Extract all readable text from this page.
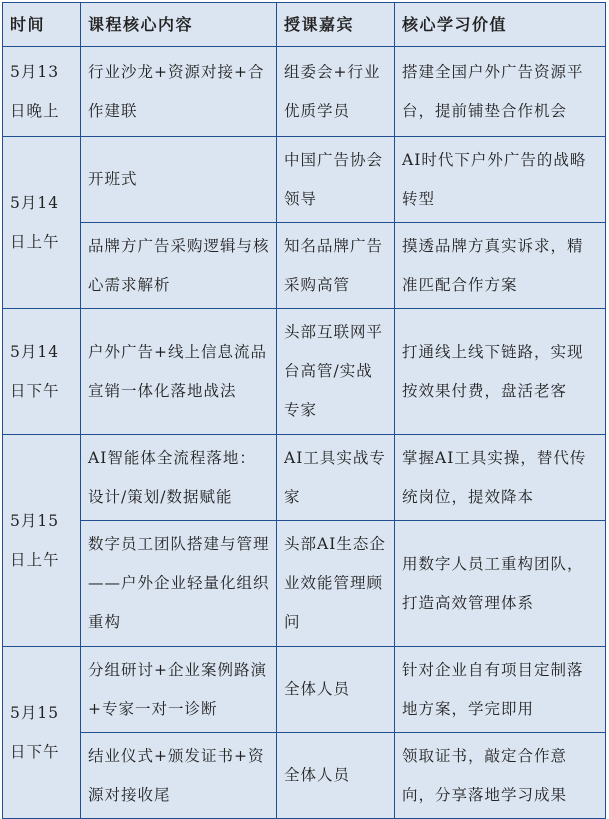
时间	课程核心内容	授课嘉宾	核心学习价值

5月13日晚上	行业沙龙+资源对接+合作建联	组委会+行业优质学员	搭建全国户外广告资源平台，提前铺垫合作机会

5月14日上午	开班式	中国广告协会领导	AI时代下户外广告的战略转型

	品牌方广告采购逻辑与核心需求解析	知名品牌广告采购高管	摸透品牌方真实诉求，精准匹配合作方案

5月14日下午	户外广告+线上信息流品宣销一体化落地战法	头部互联网平台高管/实战专家	打通线上线下链路，实现按效果付费，盘活老客

5月15日上午	AI智能体全流程落地：设计/策划/数据赋能	AI工具实战专家	掌握AI工具实操，替代传统岗位，提效降本

	数字员工团队搭建与管理——户外企业轻量化组织重构	头部AI生态企业效能管理顾问	用数字人员工重构团队，打造高效管理体系

5月15日下午	分组研讨+企业案例路演+专家一对一诊断	全体人员	针对企业自有项目定制落地方案，学完即用

	结业仪式+颁发证书+资源对接收尾	全体人员	领取证书，敲定合作意向，分享落地学习成果
